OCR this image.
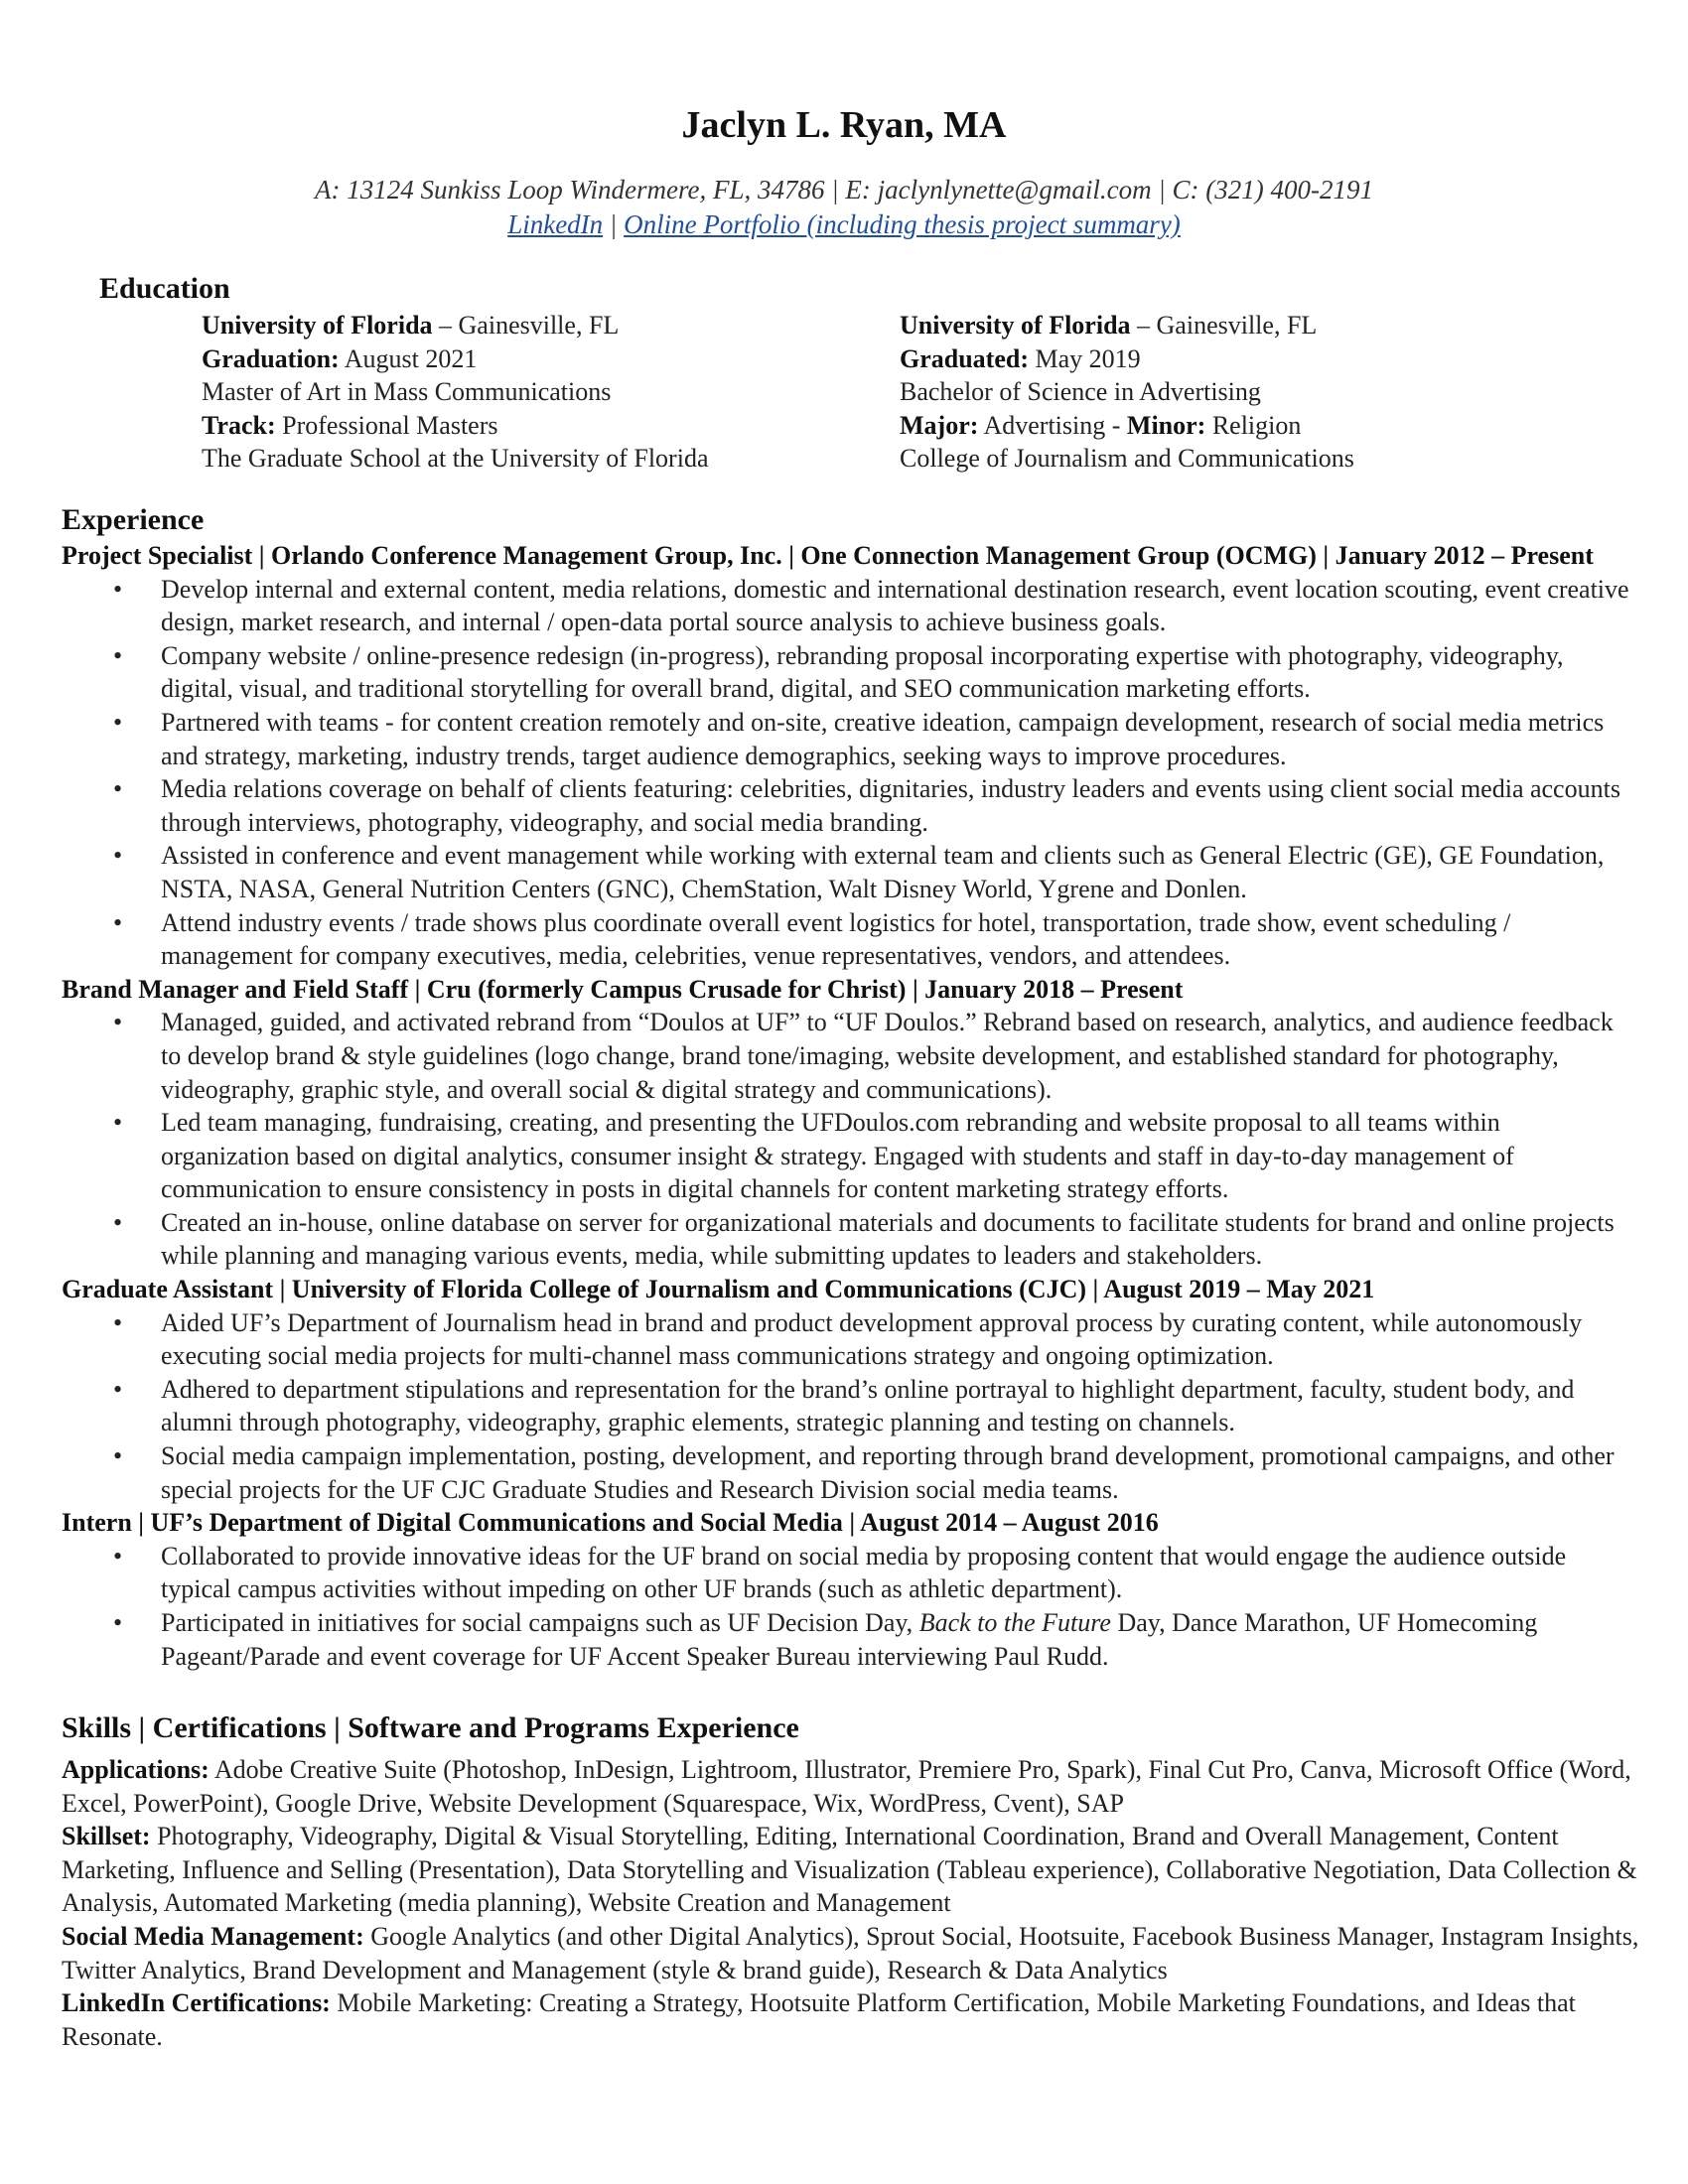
Jaclyn L. Ryan, MA
A: 13124 Sunkiss Loop Windermere, FL, 34786 | E: jaclynlynette@gmail.com | C: (321) 400-2191
LinkedIn | Online Portfolio (including thesis project summary)
Education
University of Florida – Gainesville, FL
Graduation: August 2021
Master of Art in Mass Communications
Track: Professional Masters
The Graduate School at the University of Florida
University of Florida – Gainesville, FL
Graduated: May 2019
Bachelor of Science in Advertising
Major: Advertising - Minor: Religion
College of Journalism and Communications
Experience
Project Specialist | Orlando Conference Management Group, Inc. | One Connection Management Group (OCMG) | January 2012 – Present
• Develop internal and external content, media relations, domestic and international destination research, event location scouting, event creative design, market research, and internal / open-data portal source analysis to achieve business goals.
• Company website / online-presence redesign (in-progress), rebranding proposal incorporating expertise with photography, videography, digital, visual, and traditional storytelling for overall brand, digital, and SEO communication marketing efforts.
• Partnered with teams - for content creation remotely and on-site, creative ideation, campaign development, research of social media metrics and strategy, marketing, industry trends, target audience demographics, seeking ways to improve procedures.
• Media relations coverage on behalf of clients featuring: celebrities, dignitaries, industry leaders and events using client social media accounts through interviews, photography, videography, and social media branding.
• Assisted in conference and event management while working with external team and clients such as General Electric (GE), GE Foundation, NSTA, NASA, General Nutrition Centers (GNC), ChemStation, Walt Disney World, Ygrene and Donlen.
• Attend industry events / trade shows plus coordinate overall event logistics for hotel, transportation, trade show, event scheduling / management for company executives, media, celebrities, venue representatives, vendors, and attendees.
Brand Manager and Field Staff | Cru (formerly Campus Crusade for Christ) | January 2018 – Present
• Managed, guided, and activated rebrand from “Doulos at UF” to “UF Doulos.” Rebrand based on research, analytics, and audience feedback to develop brand & style guidelines (logo change, brand tone/imaging, website development, and established standard for photography, videography, graphic style, and overall social & digital strategy and communications).
• Led team managing, fundraising, creating, and presenting the UFDoulos.com rebranding and website proposal to all teams within organization based on digital analytics, consumer insight & strategy. Engaged with students and staff in day-to-day management of communication to ensure consistency in posts in digital channels for content marketing strategy efforts.
• Created an in-house, online database on server for organizational materials and documents to facilitate students for brand and online projects while planning and managing various events, media, while submitting updates to leaders and stakeholders.
Graduate Assistant | University of Florida College of Journalism and Communications (CJC) | August 2019 – May 2021
• Aided UF’s Department of Journalism head in brand and product development approval process by curating content, while autonomously executing social media projects for multi-channel mass communications strategy and ongoing optimization.
• Adhered to department stipulations and representation for the brand’s online portrayal to highlight department, faculty, student body, and alumni through photography, videography, graphic elements, strategic planning and testing on channels.
• Social media campaign implementation, posting, development, and reporting through brand development, promotional campaigns, and other special projects for the UF CJC Graduate Studies and Research Division social media teams.
Intern | UF’s Department of Digital Communications and Social Media | August 2014 – August 2016
• Collaborated to provide innovative ideas for the UF brand on social media by proposing content that would engage the audience outside typical campus activities without impeding on other UF brands (such as athletic department).
• Participated in initiatives for social campaigns such as UF Decision Day, Back to the Future Day, Dance Marathon, UF Homecoming Pageant/Parade and event coverage for UF Accent Speaker Bureau interviewing Paul Rudd.
Skills | Certifications | Software and Programs Experience
Applications: Adobe Creative Suite (Photoshop, InDesign, Lightroom, Illustrator, Premiere Pro, Spark), Final Cut Pro, Canva, Microsoft Office (Word, Excel, PowerPoint), Google Drive, Website Development (Squarespace, Wix, WordPress, Cvent), SAP
Skillset: Photography, Videography, Digital & Visual Storytelling, Editing, International Coordination, Brand and Overall Management, Content Marketing, Influence and Selling (Presentation), Data Storytelling and Visualization (Tableau experience), Collaborative Negotiation, Data Collection & Analysis, Automated Marketing (media planning), Website Creation and Management
Social Media Management: Google Analytics (and other Digital Analytics), Sprout Social, Hootsuite, Facebook Business Manager, Instagram Insights, Twitter Analytics, Brand Development and Management (style & brand guide), Research & Data Analytics
LinkedIn Certifications: Mobile Marketing: Creating a Strategy, Hootsuite Platform Certification, Mobile Marketing Foundations, and Ideas that Resonate.
